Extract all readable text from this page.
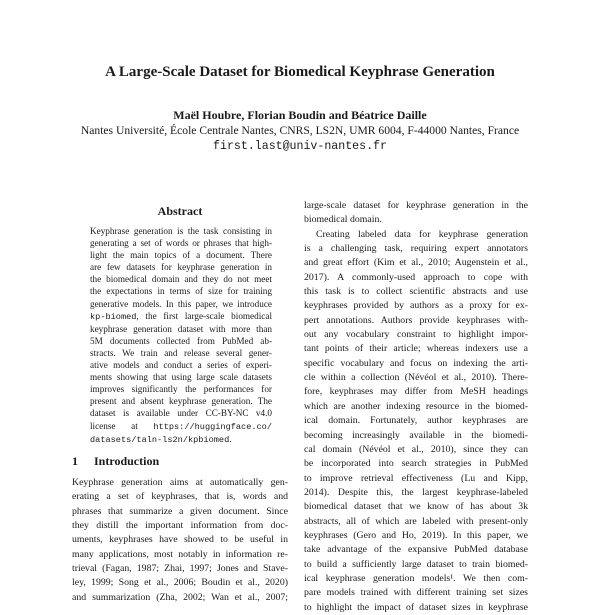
A Large-Scale Dataset for Biomedical Keyphrase Generation
Maël Houbre, Florian Boudin and Béatrice Daille
Nantes Université, École Centrale Nantes, CNRS, LS2N, UMR 6004, F-44000 Nantes, France
first.last@univ-nantes.fr
Abstract
Keyphrase generation is the task consisting in
generating a set of words or phrases that high-
light the main topics of a document. There
are few datasets for keyphrase generation in
the biomedical domain and they do not meet
the expectations in terms of size for training
generative models. In this paper, we introduce
kp-biomed, the first large-scale biomedical
keyphrase generation dataset with more than
5M documents collected from PubMed ab-
stracts. We train and release several gener-
ative models and conduct a series of experi-
ments showing that using large scale datasets
improves significantly the performances for
present and absent keyphrase generation. The
dataset is available under CC-BY-NC v4.0
license at https://huggingface.co/
datasets/taln-ls2n/kpbiomed.
1 Introduction
Keyphrase generation aims at automatically gen-
erating a set of keyphrases, that is, words and
phrases that summarize a given document. Since
they distill the important information from doc-
uments, keyphrases have showed to be useful in
many applications, most notably in information re-
trieval (Fagan, 1987; Zhai, 1997; Jones and Stave-
ley, 1999; Song et al., 2006; Boudin et al., 2020)
and summarization (Zha, 2002; Wan et al., 2007;
large-scale dataset for keyphrase generation in the
biomedical domain.
Creating labeled data for keyphrase generation
is a challenging task, requiring expert annotators
and great effort (Kim et al., 2010; Augenstein et al.,
2017). A commonly-used approach to cope with
this task is to collect scientific abstracts and use
keyphrases provided by authors as a proxy for ex-
pert annotations. Authors provide keyphrases with-
out any vocabulary constraint to highlight impor-
tant points of their article; whereas indexers use a
specific vocabulary and focus on indexing the arti-
cle within a collection (Névéol et al., 2010). There-
fore, keyphrases may differ from MeSH headings
which are another indexing resource in the biomed-
ical domain. Fortunately, author keyphrases are
becoming increasingly available in the biomedi-
cal domain (Névéol et al., 2010), since they can
be incorporated into search strategies in PubMed
to improve retrieval effectiveness (Lu and Kipp,
2014). Despite this, the largest keyphrase-labeled
biomedical dataset that we know of has about 3k
abstracts, all of which are labeled with present-only
keyphrases (Gero and Ho, 2019). In this paper, we
take advantage of the expansive PubMed database
to build a sufficiently large dataset to train biomed-
ical keyphrase generation models¹. We then com-
pare models trained with different training set sizes
to highlight the impact of dataset sizes in keyphrase
